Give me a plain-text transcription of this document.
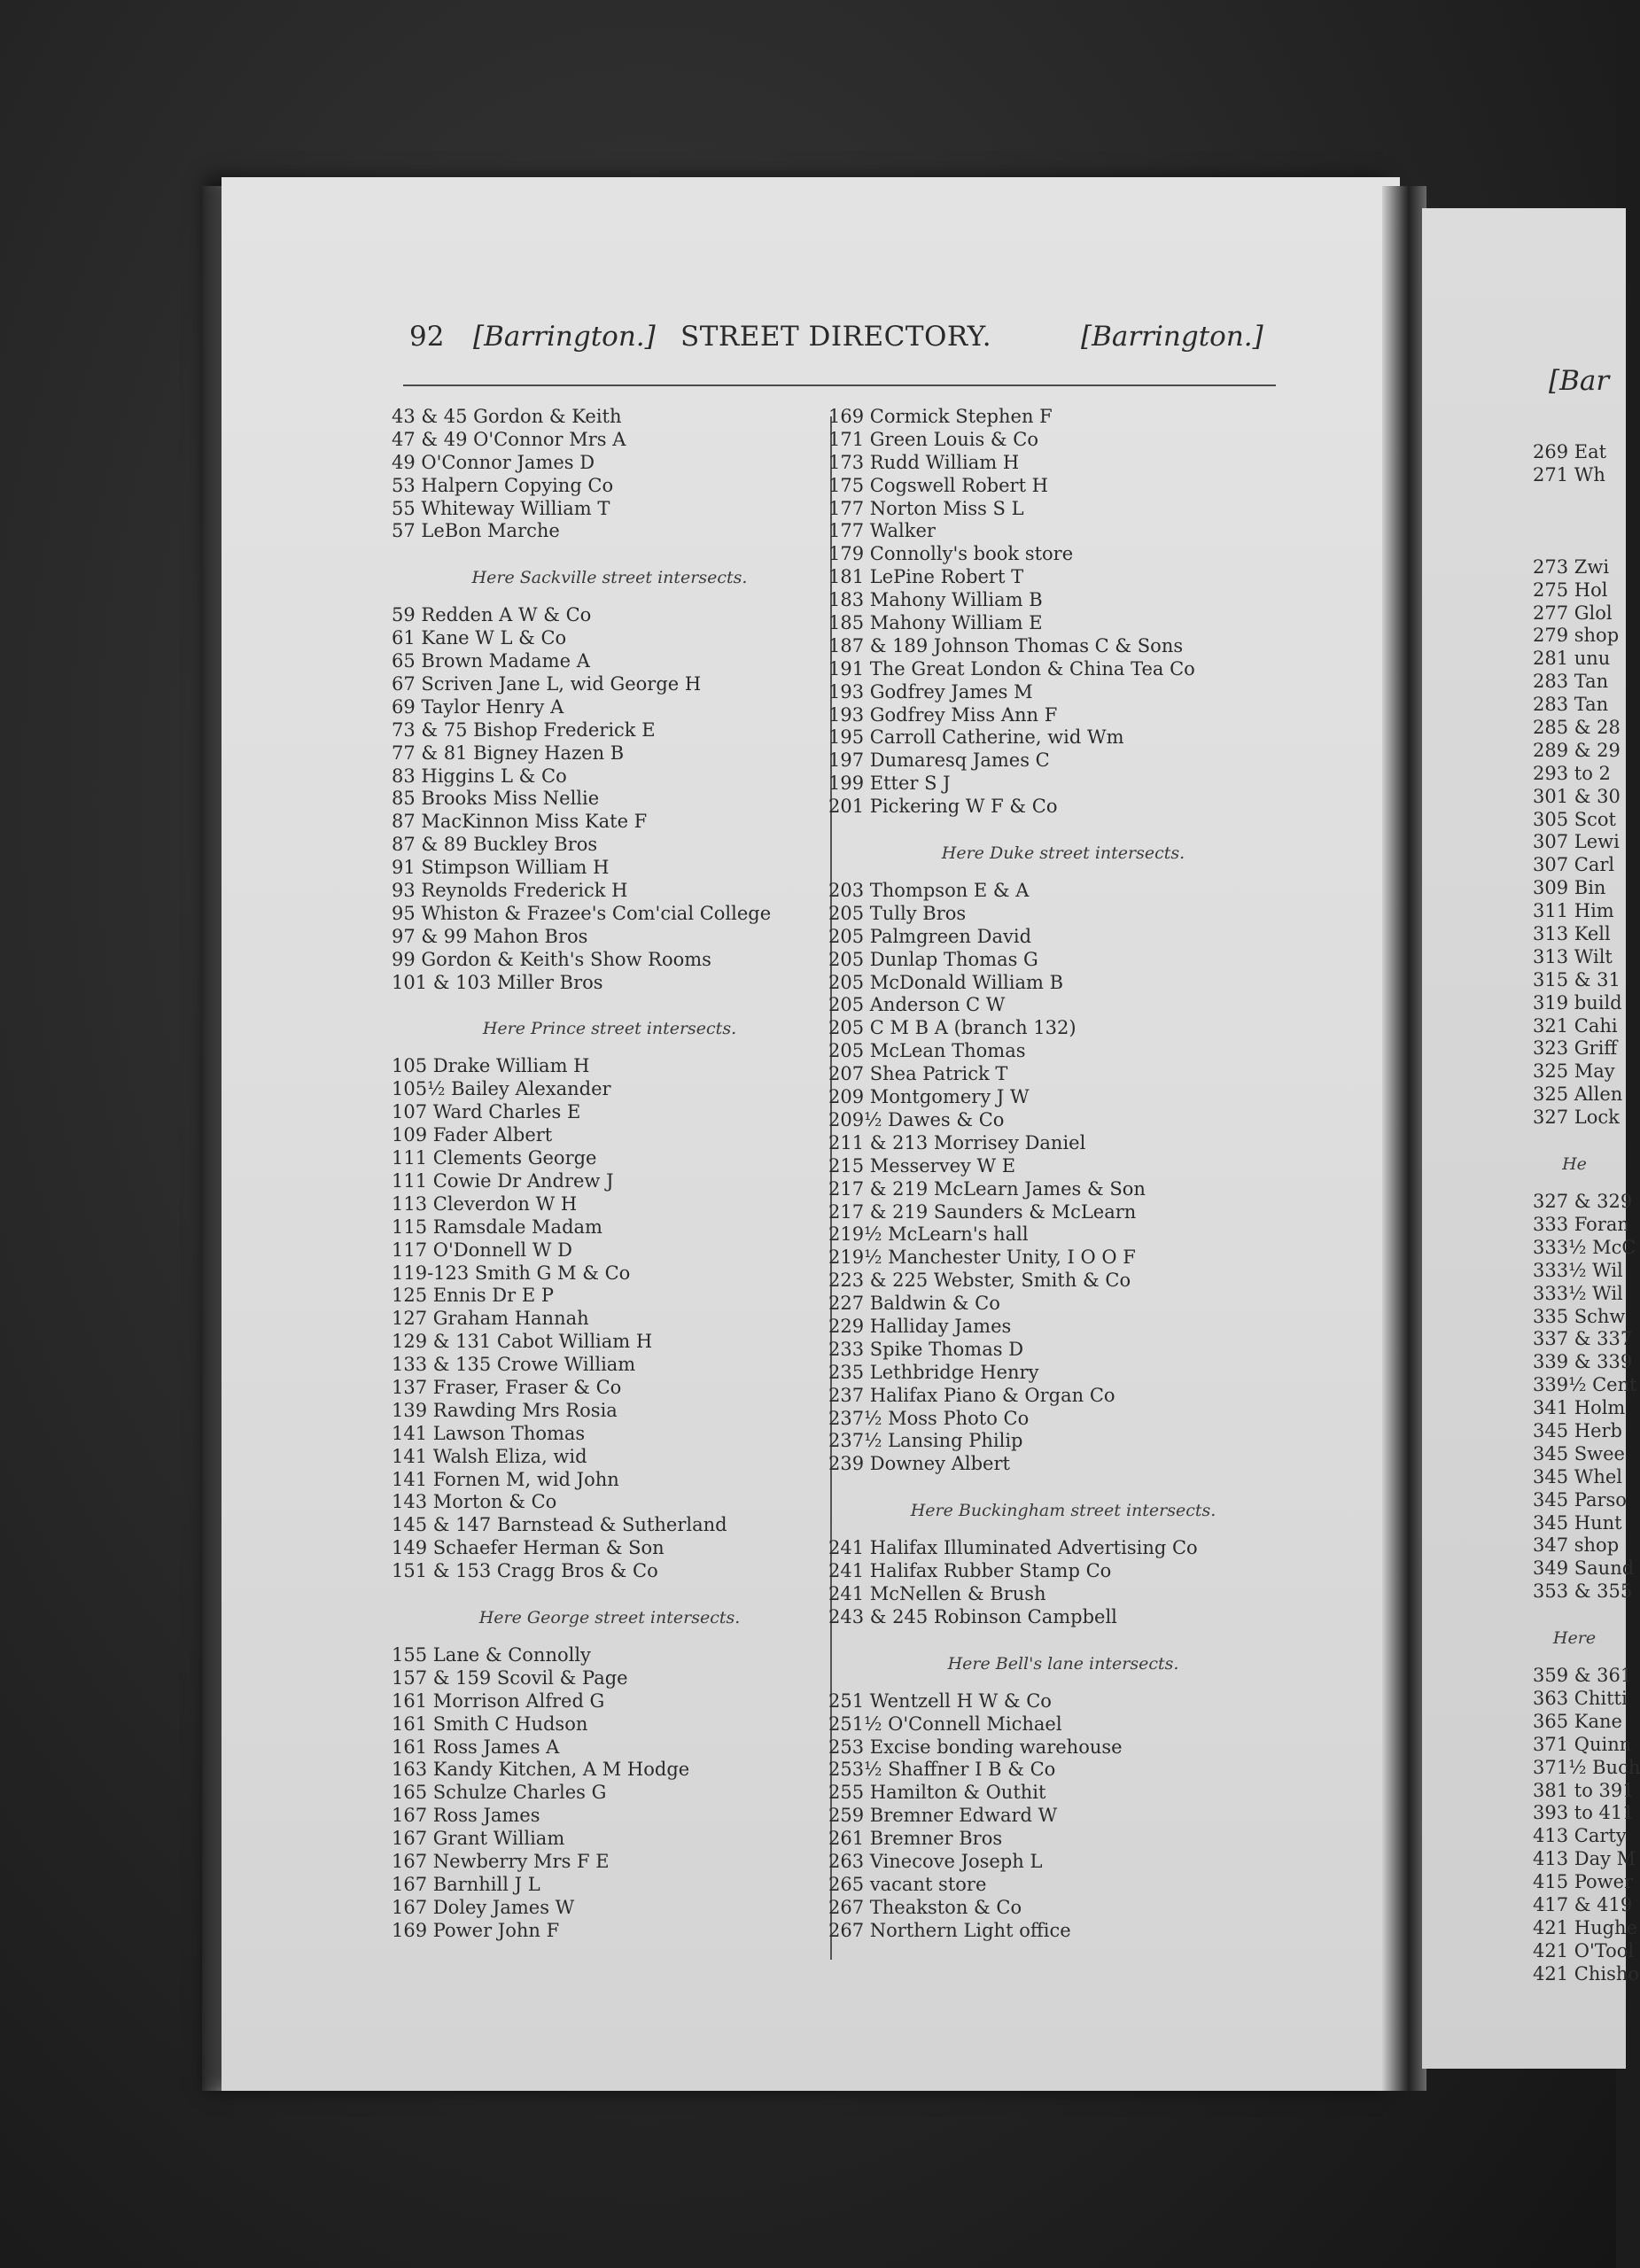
92 [Barrington.] STREET DIRECTORY.	[Barrington.]
43 & 45 Gordon & Keith
47 & 49 O'Connor Mrs A
49 O'Connor James D
53 Halpern Copying Co
55 Whiteway William T
57 LeBon Marche
Here Sackville street intersects.
59 Redden A W & Co
61 Kane W L & Co
65 Brown Madame A
67 Scriven Jane L, wid George H
69 Taylor Henry A
73 & 75 Bishop Frederick E
77 & 81 Bigney Hazen B
83 Higgins L & Co
85 Brooks Miss Nellie
87 MacKinnon Miss Kate F
87 & 89 Buckley Bros
91 Stimpson William H
93 Reynolds Frederick H
95 Whiston & Frazee's Com'cial College
97 & 99 Mahon Bros
99 Gordon & Keith's Show Rooms
101 & 103 Miller Bros
Here Prince street intersects.
105 Drake William H
105½ Bailey Alexander
107 Ward Charles E
109 Fader Albert
111 Clements George
111 Cowie Dr Andrew J
113 Cleverdon W H
115 Ramsdale Madam
117 O'Donnell W D
119-123 Smith G M & Co
125 Ennis Dr E P
127 Graham Hannah
129 & 131 Cabot William H
133 & 135 Crowe William
137 Fraser, Fraser & Co
139 Rawding Mrs Rosia
141 Lawson Thomas
141 Walsh Eliza, wid
141 Fornen M, wid John
143 Morton & Co
145 & 147 Barnstead & Sutherland
149 Schaefer Herman & Son
151 & 153 Cragg Bros & Co
Here George street intersects.
155 Lane & Connolly
157 & 159 Scovil & Page
161 Morrison Alfred G
161 Smith C Hudson
161 Ross James A
163 Kandy Kitchen, A M Hodge
165 Schulze Charles G
167 Ross James
167 Grant William
167 Newberry Mrs F E
167 Barnhill J L
167 Doley James W
169 Power John F
169 Cormick Stephen F
171 Green Louis & Co
173 Rudd William H
175 Cogswell Robert H
177 Norton Miss S L
177 Walker
179 Connolly's book store
181 LePine Robert T
183 Mahony William B
185 Mahony William E
187 & 189 Johnson Thomas C & Sons
191 The Great London & China Tea Co
193 Godfrey James M
193 Godfrey Miss Ann F
195 Carroll Catherine, wid Wm
197 Dumaresq James C
199 Etter S J
201 Pickering W F & Co
Here Duke street intersects.
203 Thompson E & A
205 Tully Bros
205 Palmgreen David
205 Dunlap Thomas G
205 McDonald William B
205 Anderson C W
205 C M B A (branch 132)
205 McLean Thomas
207 Shea Patrick T
209 Montgomery J W
209½ Dawes & Co
211 & 213 Morrisey Daniel
215 Messervey W E
217 & 219 McLearn James & Son
217 & 219 Saunders & McLearn
219½ McLearn's hall
219½ Manchester Unity, I O O F
223 & 225 Webster, Smith & Co
227 Baldwin & Co
229 Halliday James
233 Spike Thomas D
235 Lethbridge Henry
237 Halifax Piano & Organ Co
237½ Moss Photo Co
237½ Lansing Philip
239 Downey Albert
Here Buckingham street intersects.
241 Halifax Illuminated Advertising Co
241 Halifax Rubber Stamp Co
241 McNellen & Brush
243 & 245 Robinson Campbell
Here Bell's lane intersects.
251 Wentzell H W & Co
251½ O'Connell Michael
253 Excise bonding warehouse
253½ Shaffner I B & Co
255 Hamilton & Outhit
259 Bremner Edward W
261 Bremner Bros
263 Vinecove Joseph L
265 vacant store
267 Theakston & Co
267 Northern Light office
[Bar
269 Eat
271 Wh
273 Zwi
275 Hol
277 Glol
279 shop
281 unu
283 Tan
283 Tan
285 & 28
289 & 29
293 to 2
301 & 30
305 Scot
307 Lewi
307 Carl
309 Bin
311 Him
313 Kell
313 Wilt
315 & 31
319 build
321 Cahi
323 Griff
325 May
325 Allen
327 Lock
He
327 & 329
333 Foran
333½ McC
333½ Wil
333½ Wil
335 Schw
337 & 337
339 & 339
339½ Cent
341 Holm
345 Herb
345 Swee
345 Whel
345 Parso
345 Hunt
347 shop
349 Saund
353 & 355
Here
359 & 361
363 Chitti
365 Kane
371 Quinn
371½ Buch
381 to 391
393 to 411
413 Carty
413 Day M
415 Power
417 & 419
421 Hughe
421 O'Tool
421 Chisho
